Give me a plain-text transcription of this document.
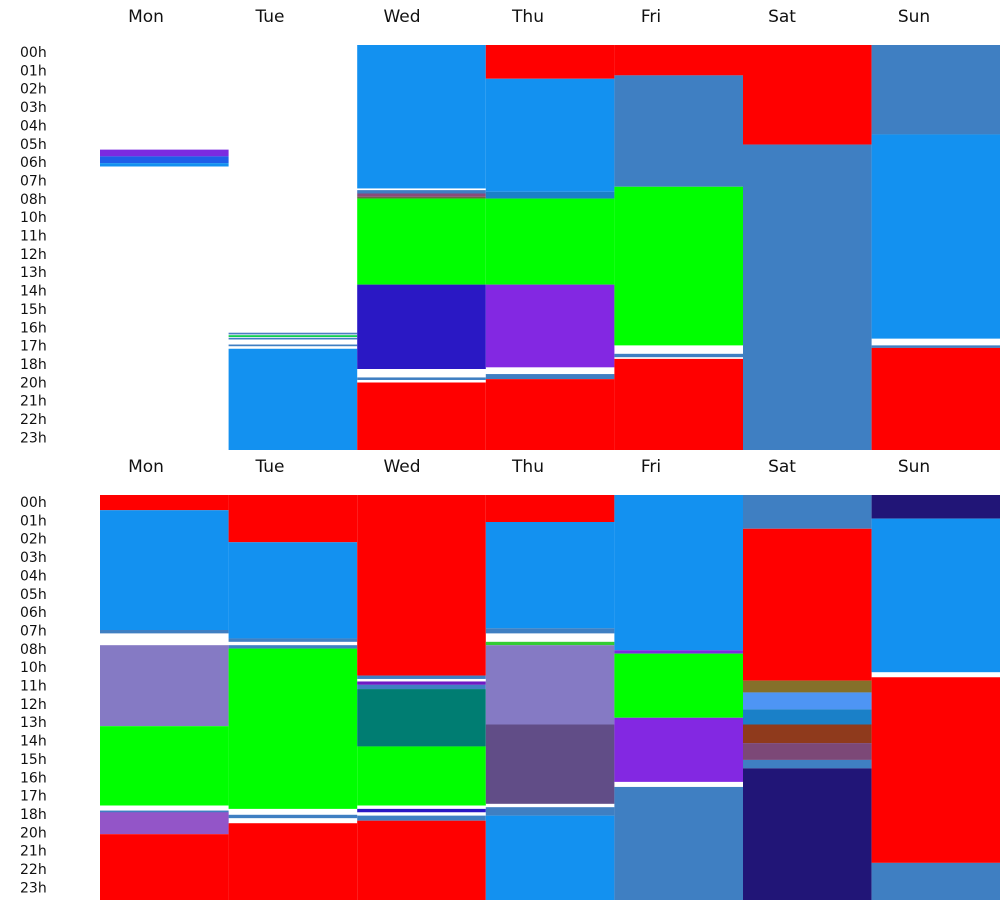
Mon	Tue	Wed	Thu	Fri	Sat	Sun
00h
01h
02h
03h
04h
05h
06h
07h
08h
10h
11h
12h
13h
14h
15h
16h
17h
18h
20h
21h
22h
23h
Mon	Tue	Wed	Thu	Fri	Sat	Sun
00h
01h
02h
03h
04h
05h
06h
07h
08h
10h
11h
12h
13h
14h
15h
16h
17h
18h
20h
21h
22h
23h
